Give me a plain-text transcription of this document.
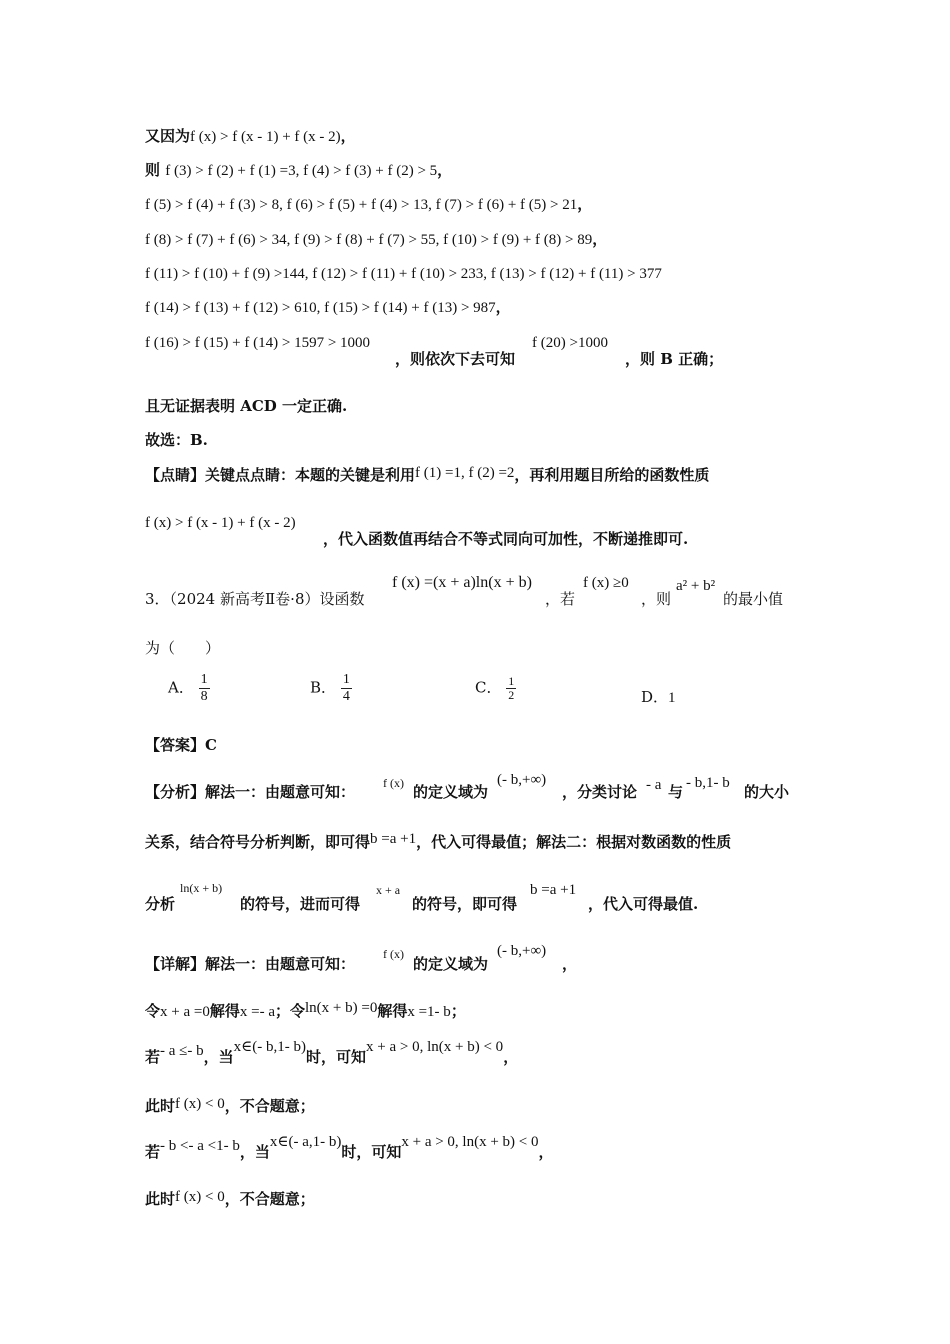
又因为f (x) > f (x - 1) + f (x - 2)，
则 f (3) > f (2) + f (1) =3, f (4) > f (3) + f (2) > 5，
f (5) > f (4) + f (3) > 8, f (6) > f (5) + f (4) > 13, f (7) > f (6) + f (5) > 21，
f (8) > f (7) + f (6) > 34, f (9) > f (8) + f (7) > 55, f (10) > f (9) + f (8) > 89，
f (11) > f (10) + f (9) >144, f (12) > f (11) + f (10) > 233, f (13) > f (12) + f (11) > 377
f (14) > f (13) + f (12) > 610, f (15) > f (14) + f (13) > 987，
f (16) > f (15) + f (14) > 1597 > 1000
，则依次下去可知
f (20) >1000
，则 B 正确；
且无证据表明 ACD 一定正确.
故选：B.
【点睛】关键点点睛：本题的关键是利用f (1) =1, f (2) =2，再利用题目所给的函数性质
f (x) > f (x - 1) + f (x - 2)
，代入函数值再结合不等式同向可加性，不断递推即可.
3．（2024 新高考Ⅱ卷·8）设函数
f (x) =(x + a)ln(x + b)
，若
f (x) ≥0
，则
a² + b²
的最小值
为（　　）
A． $\frac{1}{8}$	B． $\frac{1}{4}$	C． $\frac{1}{2}$	D．1
【答案】C
【分析】解法一：由题意可知： f (x) 的定义域为
(- b,+∞)
，分类讨论 - a 与 - b,1- b 的大小
关系，结合符号分析判断，即可得b =a +1，代入可得最值；解法二：根据对数函数的性质
分析
ln(x + b)
的符号，进而可得
x + a
的符号，即可得
b =a +1
，代入可得最值.
【详解】解法一：由题意可知：
f (x)
的定义域为
(- b,+∞)
，
令x + a =0解得x =- a；令ln(x + b) =0解得x =1- b；
若- a ≤- b，当x∈(- b,1- b)时，可知x + a > 0, ln(x + b) < 0，
此时f (x) < 0，不合题意；
若- b <- a <1- b，当x∈(- a,1- b)时，可知x + a > 0, ln(x + b) < 0，
此时f (x) < 0，不合题意；
